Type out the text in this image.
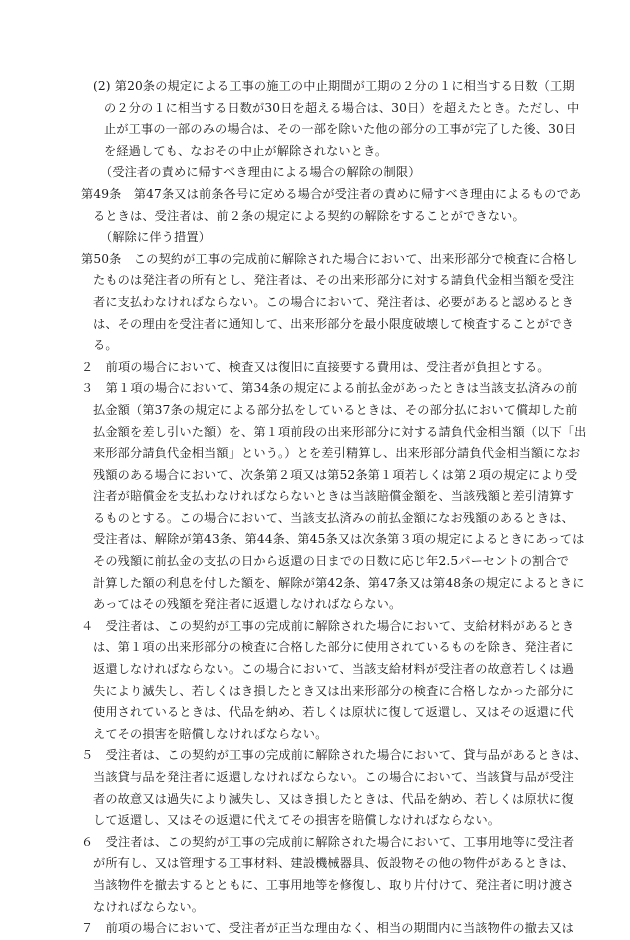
(2) 第20条の規定による工事の施工の中止期間が工期の２分の１に相当する日数（工期
の２分の１に相当する日数が30日を超える場合は、30日）を超えたとき。ただし、中
止が工事の一部のみの場合は、その一部を除いた他の部分の工事が完了した後、30日
を経過しても、なおその中止が解除されないとき。
（受注者の責めに帰すべき理由による場合の解除の制限）
第49条　第47条又は前条各号に定める場合が受注者の責めに帰すべき理由によるものであ
るときは、受注者は、前２条の規定による契約の解除をすることができない。
（解除に伴う措置）
第50条　この契約が工事の完成前に解除された場合において、出来形部分で検査に合格し
たものは発注者の所有とし、発注者は、その出来形部分に対する請負代金相当額を受注
者に支払わなければならない。この場合において、発注者は、必要があると認めるとき
は、その理由を受注者に通知して、出来形部分を最小限度破壊して検査することができ
る。
２　前項の場合において、検査又は復旧に直接要する費用は、受注者が負担とする。
３　第１項の場合において、第34条の規定による前払金があったときは当該支払済みの前
払金額（第37条の規定による部分払をしているときは、その部分払において償却した前
払金額を差し引いた額）を、第１項前段の出来形部分に対する請負代金相当額（以下「出
来形部分請負代金相当額」という。）とを差引精算し、出来形部分請負代金相当額になお
残額のある場合において、次条第２項又は第52条第１項若しくは第２項の規定により受
注者が賠償金を支払わなければならないときは当該賠償金額を、当該残額と差引清算す
るものとする。この場合において、当該支払済みの前払金額になお残額のあるときは、
受注者は、解除が第43条、第44条、第45条又は次条第３項の規定によるときにあっては
その残額に前払金の支払の日から返還の日までの日数に応じ年2.5パーセントの割合で
計算した額の利息を付した額を、解除が第42条、第47条又は第48条の規定によるときに
あってはその残額を発注者に返還しなければならない。
４　受注者は、この契約が工事の完成前に解除された場合において、支給材料があるとき
は、第１項の出来形部分の検査に合格した部分に使用されているものを除き、発注者に
返還しなければならない。この場合において、当該支給材料が受注者の故意若しくは過
失により滅失し、若しくはき損したとき又は出来形部分の検査に合格しなかった部分に
使用されているときは、代品を納め、若しくは原状に復して返還し、又はその返還に代
えてその損害を賠償しなければならない。
５　受注者は、この契約が工事の完成前に解除された場合において、貸与品があるときは、
当該貸与品を発注者に返還しなければならない。この場合において、当該貸与品が受注
者の故意又は過失により滅失し、又はき損したときは、代品を納め、若しくは原状に復
して返還し、又はその返還に代えてその損害を賠償しなければならない。
６　受注者は、この契約が工事の完成前に解除された場合において、工事用地等に受注者
が所有し、又は管理する工事材料、建設機械器具、仮設物その他の物件があるときは、
当該物件を撤去するとともに、工事用地等を修復し、取り片付けて、発注者に明け渡さ
なければならない。
７　前項の場合において、受注者が正当な理由なく、相当の期間内に当該物件の撤去又は
